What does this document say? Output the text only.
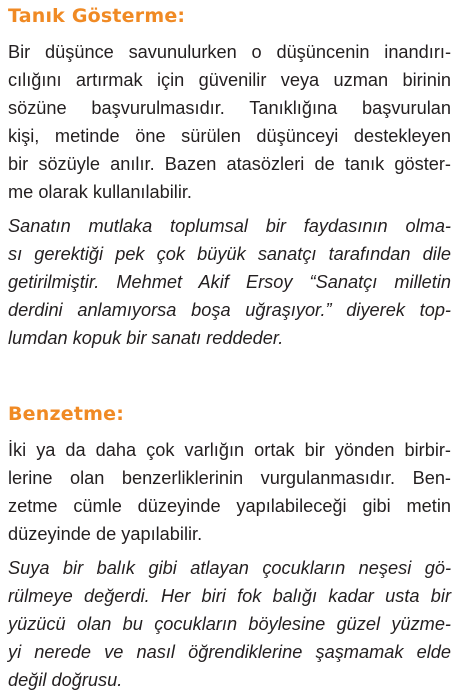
Tanık Gösterme:

Bir düşünce savunulurken o düşüncenin inandırı-
cılığını artırmak için güvenilir veya uzman birinin
sözüne başvurulmasıdır. Tanıklığına başvurulan
kişi, metinde öne sürülen düşünceyi destekleyen
bir sözüyle anılır. Bazen atasözleri de tanık göster-
me olarak kullanılabilir.

Sanatın mutlaka toplumsal bir faydasının olma-
sı gerektiği pek çok büyük sanatçı tarafından dile
getirilmiştir. Mehmet Akif Ersoy “Sanatçı milletin
derdini anlamıyorsa boşa uğraşıyor.” diyerek top-
lumdan kopuk bir sanatı reddeder.

Benzetme:

İki ya da daha çok varlığın ortak bir yönden birbir-
lerine olan benzerliklerinin vurgulanmasıdır. Ben-
zetme cümle düzeyinde yapılabileceği gibi metin
düzeyinde de yapılabilir.

Suya bir balık gibi atlayan çocukların neşesi gö-
rülmeye değerdi. Her biri fok balığı kadar usta bir
yüzücü olan bu çocukların böylesine güzel yüzme-
yi nerede ve nasıl öğrendiklerine şaşmamak elde
değil doğrusu.
